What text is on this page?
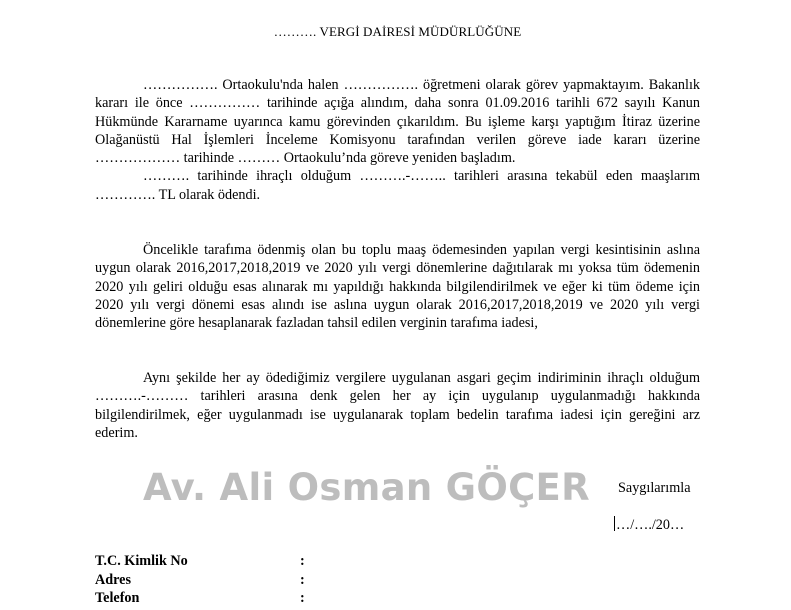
………. VERGİ DAİRESİ MÜDÜRLÜĞÜNE

……………. Ortaokulu'nda halen ……………. öğretmeni olarak görev yapmaktayım. Bakanlık kararı ile önce …………… tarihinde açığa alındım, daha sonra 01.09.2016 tarihli 672 sayılı Kanun Hükmünde Kararname uyarınca kamu görevinden çıkarıldım. Bu işleme karşı yaptığım İtiraz üzerine Olağanüstü Hal İşlemleri İnceleme Komisyonu tarafından verilen göreve iade kararı üzerine ……………… tarihinde ……… Ortaokulu’nda göreve yeniden başladım.

………. tarihinde ihraçlı olduğum ……….-…….. tarihleri arasına tekabül eden maaşlarım …………. TL olarak ödendi.

Öncelikle tarafıma ödenmiş olan bu toplu maaş ödemesinden yapılan vergi kesintisinin aslına uygun olarak 2016,2017,2018,2019 ve 2020 yılı vergi dönemlerine dağıtılarak mı yoksa tüm ödemenin 2020 yılı geliri olduğu esas alınarak mı yapıldığı hakkında bilgilendirilmek ve eğer ki tüm ödeme için 2020 yılı vergi dönemi esas alındı ise aslına uygun olarak 2016,2017,2018,2019 ve 2020 yılı vergi dönemlerine göre hesaplanarak fazladan tahsil edilen verginin tarafıma iadesi,

Aynı şekilde her ay ödediğimiz vergilere uygulanan asgari geçim indiriminin ihraçlı olduğum ……….-……… tarihleri arasına denk gelen her ay için uygulanıp uygulanmadığı hakkında bilgilendirilmek, eğer uygulanmadı ise uygulanarak toplam bedelin tarafıma iadesi için gereğini arz ederim.

Av. Ali Osman GÖÇER Saygılarımla
…/…./20…
T.C. Kimlik No	:
Adres	:
Telefon	:
